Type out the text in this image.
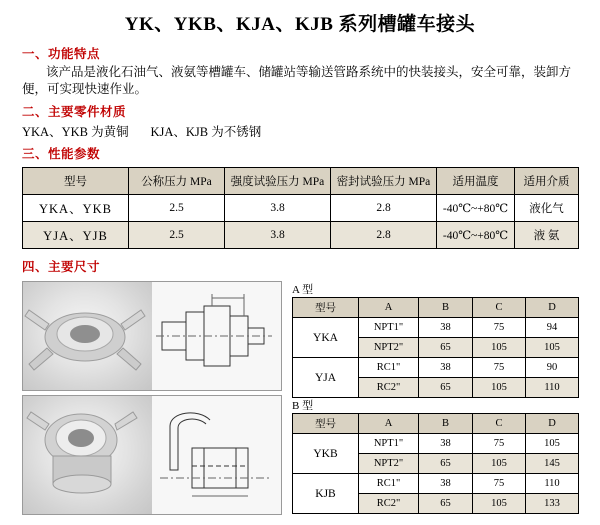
YK、YKB、KJA、KJB 系列槽罐车接头
一、功能特点
该产品是液化石油气、液氨等槽罐车、储罐站等输送管路系统中的快装接头，安全可靠，装卸方便，可实现快速作业。
二、主要零件材质
YKA、YKB 为黄铜       KJA、KJB 为不锈钢
三、性能参数
型号	公称压力 MPa	强度试验压力 MPa	密封试验压力 MPa	适用温度	适用介质
YKA、YKB	2.5	3.8	2.8	-40℃~+80℃	液化气
YJA、YJB	2.5	3.8	2.8	-40℃~+80℃	液 氨
四、主要尺寸
A 型
型号	A	B	C	D
YKA	NPT1"	38	75	94
	NPT2"	65	105	105
YJA	RC1"	38	75	90
	RC2"	65	105	110
B 型
型号	A	B	C	D
YKB	NPT1"	38	75	105
	NPT2"	65	105	145
KJB	RC1"	38	75	110
	RC2"	65	105	133
